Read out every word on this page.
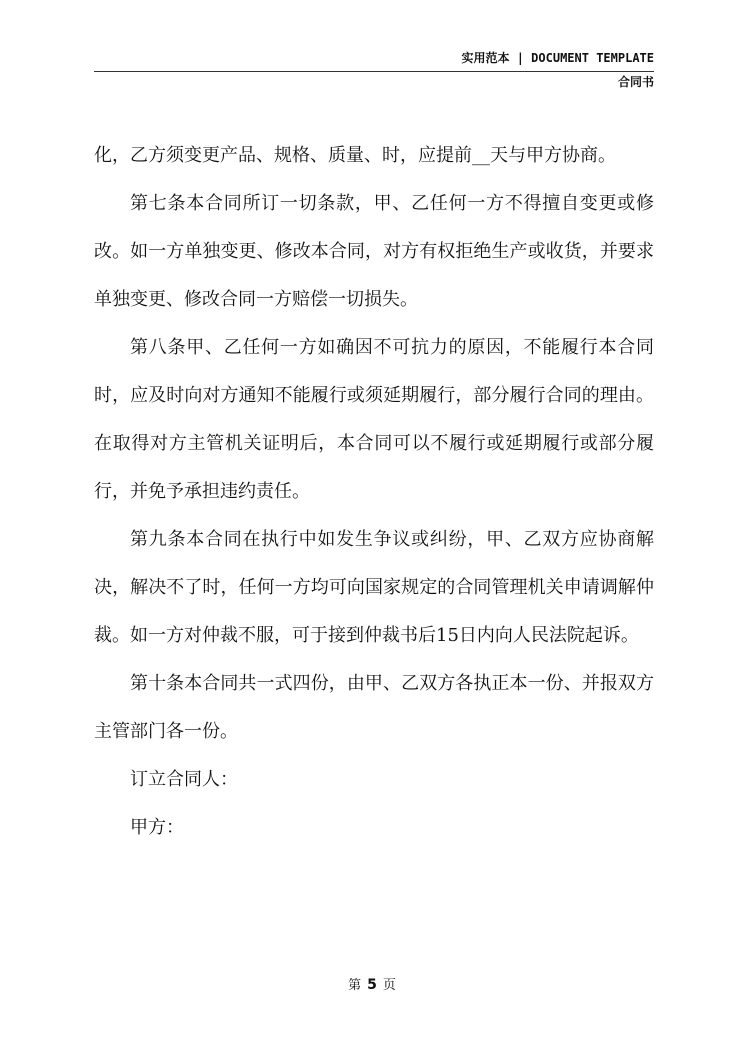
实用范本 | DOCUMENT TEMPLATE
合同书

化，乙方须变更产品、规格、质量、时，应提前__天与甲方协商。

第七条本合同所订一切条款，甲、乙任何一方不得擅自变更或修改。如一方单独变更、修改本合同，对方有权拒绝生产或收货，并要求单独变更、修改合同一方赔偿一切损失。

第八条甲、乙任何一方如确因不可抗力的原因，不能履行本合同时，应及时向对方通知不能履行或须延期履行，部分履行合同的理由。在取得对方主管机关证明后，本合同可以不履行或延期履行或部分履行，并免予承担违约责任。

第九条本合同在执行中如发生争议或纠纷，甲、乙双方应协商解决，解决不了时，任何一方均可向国家规定的合同管理机关申请调解仲裁。如一方对仲裁不服，可于接到仲裁书后15日内向人民法院起诉。

第十条本合同共一式四份，由甲、乙双方各执正本一份、并报双方主管部门各一份。

订立合同人：

甲方：

第 5 页
